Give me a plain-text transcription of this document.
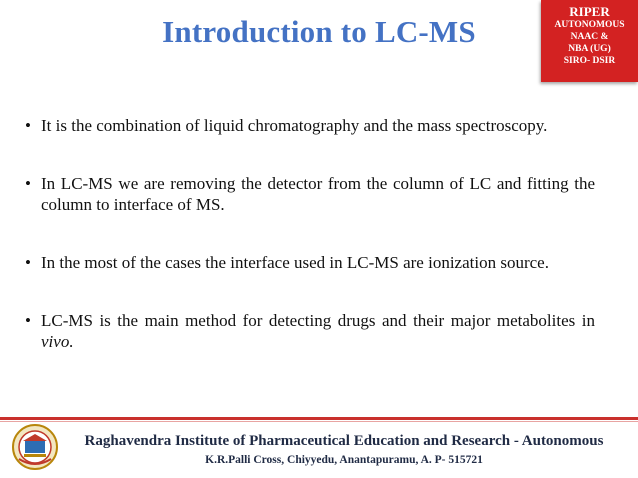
Introduction to LC-MS
RIPER
AUTONOMOUS
NAAC &
NBA (UG)
SIRO- DSIR
• It is the combination of liquid chromatography and the mass spectroscopy.
• In LC-MS we are removing the detector from the column of LC and fitting the column to interface of MS.
• In the most of the cases the interface used in LC-MS are ionization source.
• LC-MS is the main method for detecting drugs and their major metabolites in vivo.
Raghavendra Institute of Pharmaceutical Education and Research - Autonomous
K.R.Palli Cross, Chiyyedu, Anantapuramu, A. P- 515721
